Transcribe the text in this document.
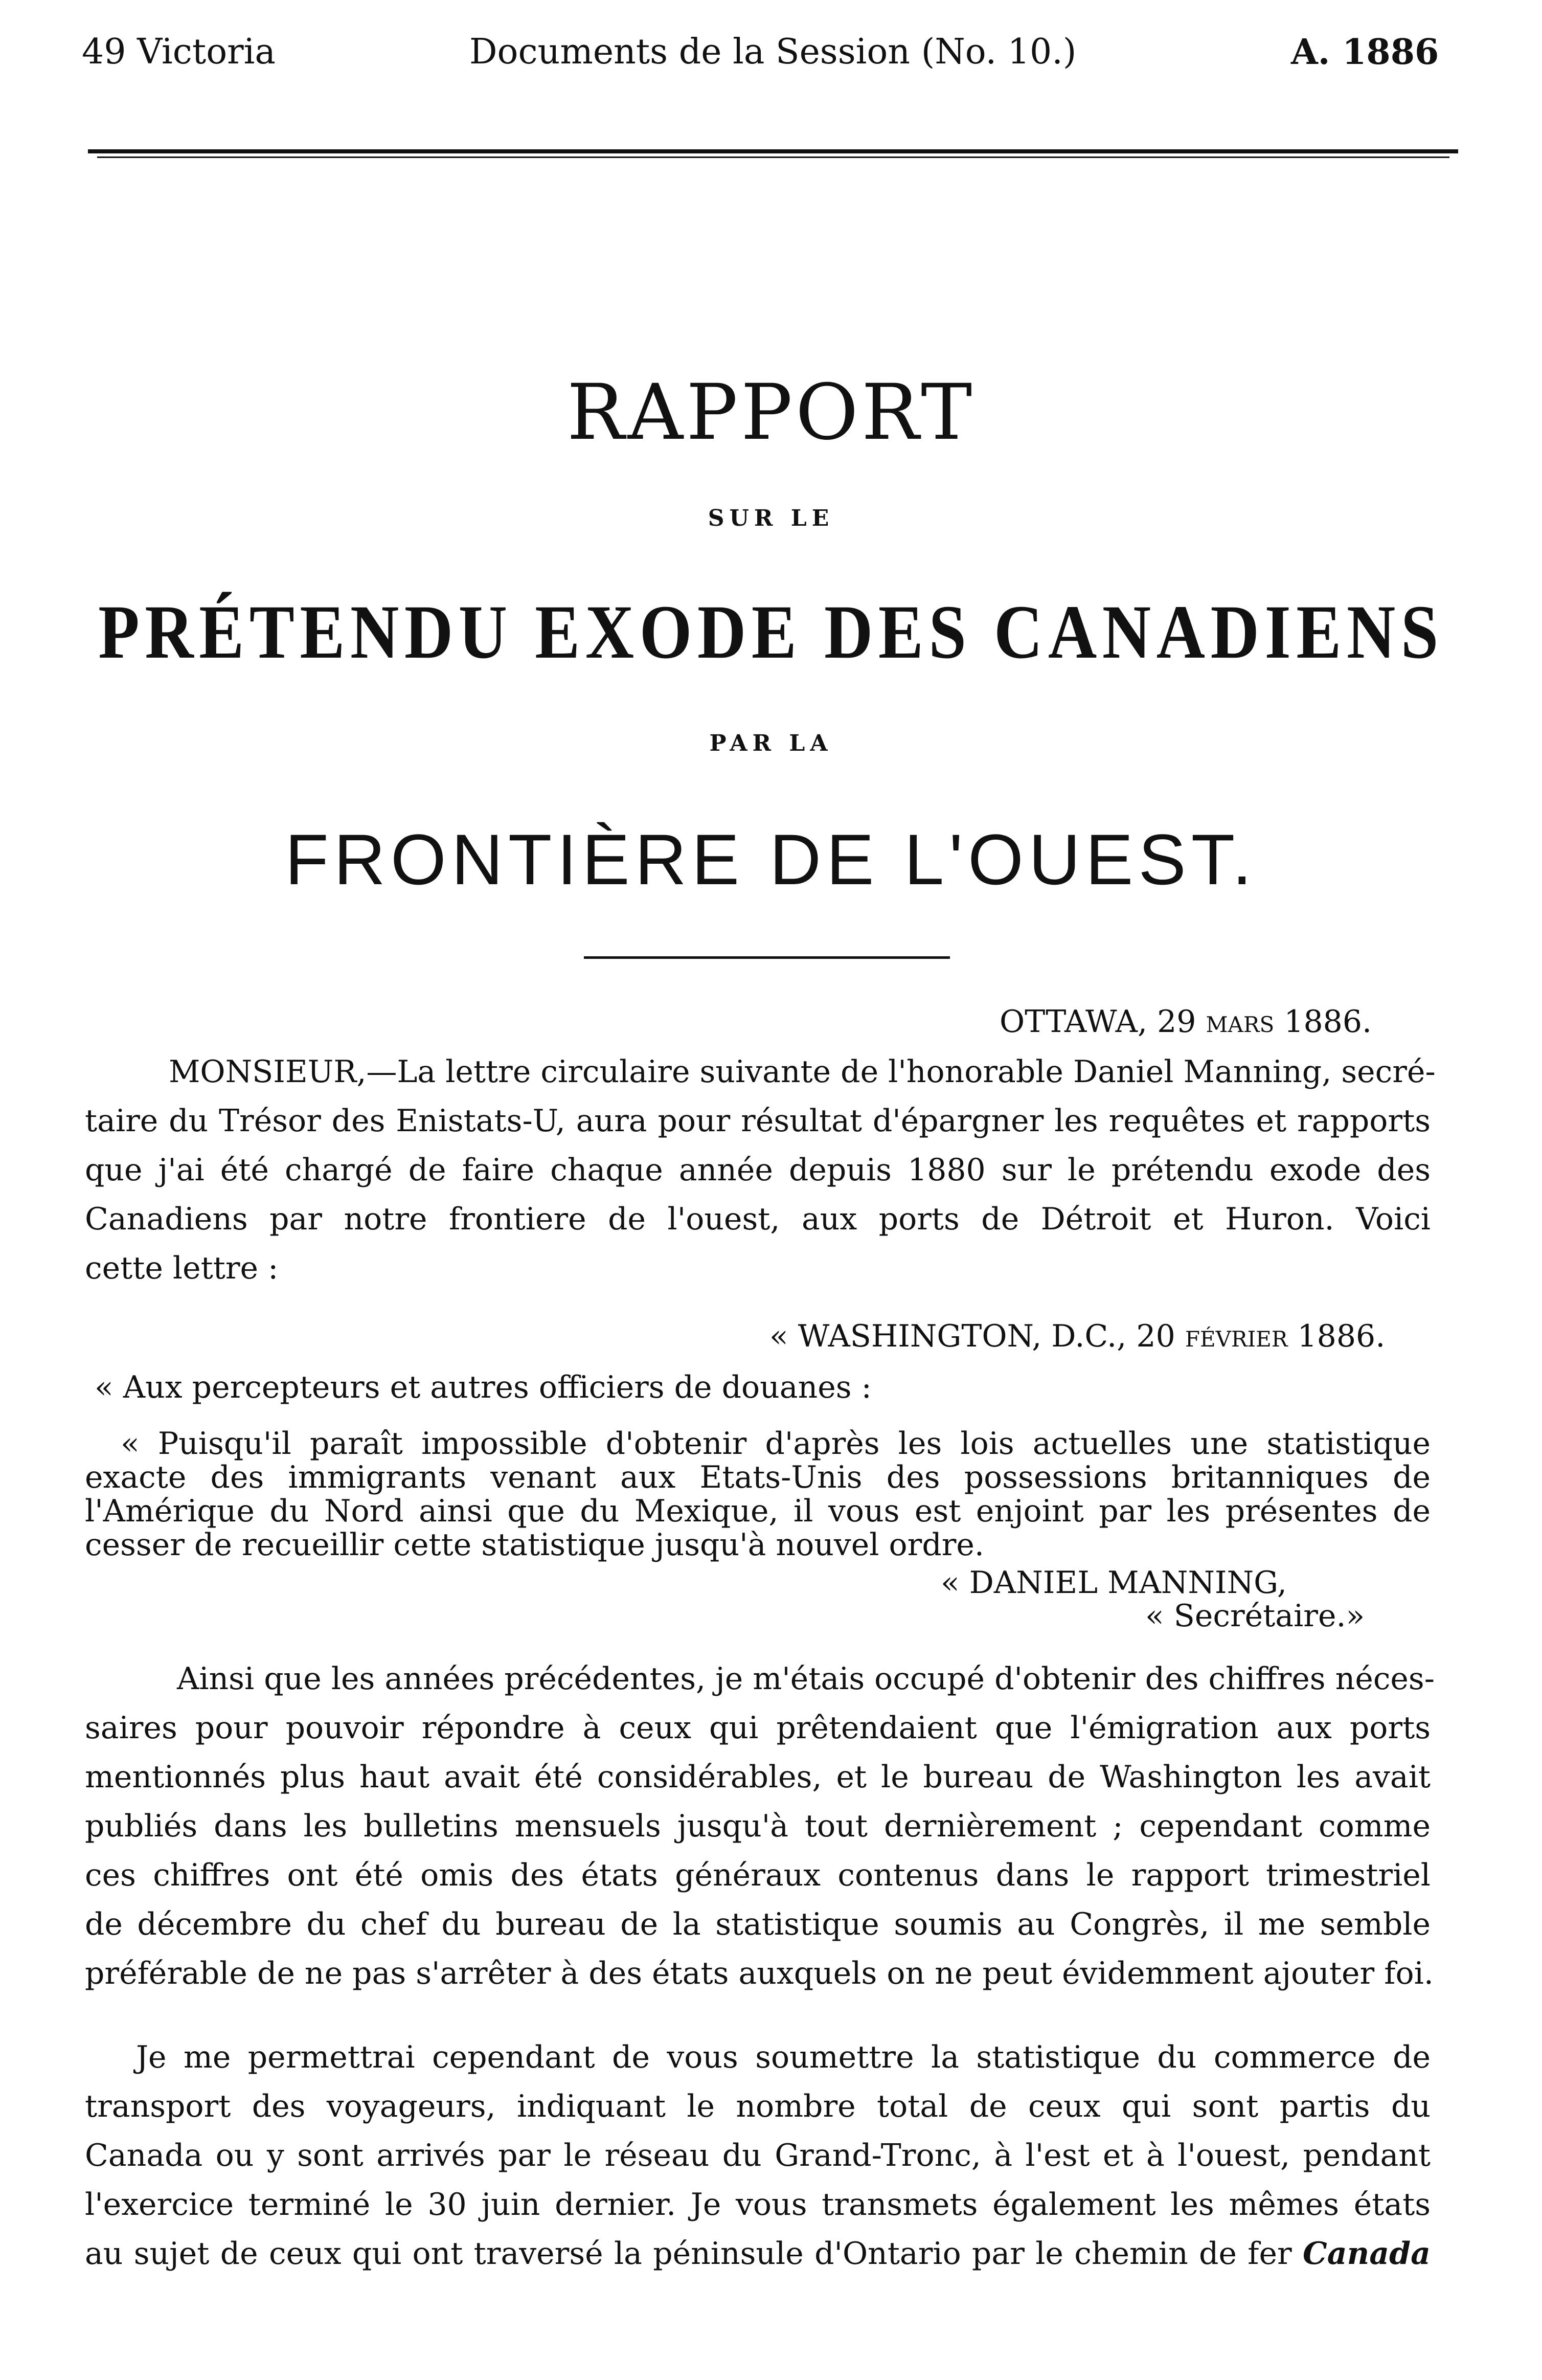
49 Victoria	Documents de la Session (No. 10.)	A. 1886
RAPPORT
SUR LE
PRÉTENDU EXODE DES CANADIENS
PAR LA
FRONTIÈRE DE L'OUEST.
OTTAWA, 29 mars 1886.
MONSIEUR,—La lettre circulaire suivante de l'honorable Daniel Manning, secré-
taire du Trésor des Enistats-U, aura pour résultat d'épargner les requêtes et rapports
que j'ai été chargé de faire chaque année depuis 1880 sur le prétendu exode des
Canadiens par notre frontiere de l'ouest, aux ports de Détroit et Huron. Voici
cette lettre :
« WASHINGTON, D.C., 20 février 1886.
« Aux percepteurs et autres officiers de douanes :
« Puisqu'il paraît impossible d'obtenir d'après les lois actuelles une statistique
exacte des immigrants venant aux Etats-Unis des possessions britanniques de
l'Amérique du Nord ainsi que du Mexique, il vous est enjoint par les présentes de
cesser de recueillir cette statistique jusqu'à nouvel ordre.
« DANIEL MANNING,
« Secrétaire.»
Ainsi que les années précédentes, je m'étais occupé d'obtenir des chiffres néces-
saires pour pouvoir répondre à ceux qui prêtendaient que l'émigration aux ports
mentionnés plus haut avait été considérables, et le bureau de Washington les avait
publiés dans les bulletins mensuels jusqu'à tout dernièrement ; cependant comme
ces chiffres ont été omis des états généraux contenus dans le rapport trimestriel
de décembre du chef du bureau de la statistique soumis au Congrès, il me semble
préférable de ne pas s'arrêter à des états auxquels on ne peut évidemment ajouter foi.
Je me permettrai cependant de vous soumettre la statistique du commerce de
transport des voyageurs, indiquant le nombre total de ceux qui sont partis du
Canada ou y sont arrivés par le réseau du Grand-Tronc, à l'est et à l'ouest, pendant
l'exercice terminé le 30 juin dernier. Je vous transmets également les mêmes états
au sujet de ceux qui ont traversé la péninsule d'Ontario par le chemin de fer Canada
